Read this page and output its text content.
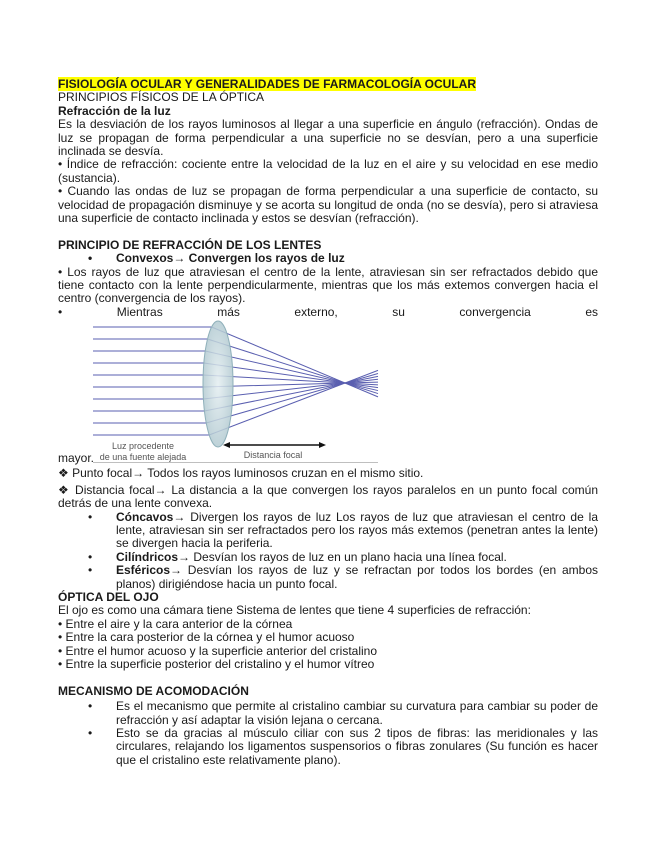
FISIOLOGÍA OCULAR Y GENERALIDADES DE FARMACOLOGÍA OCULAR

PRINCIPIOS FÍSICOS DE LA ÓPTICA

Refracción de la luz

Es la desviación de los rayos luminosos al llegar a una superficie en ángulo (refracción). Ondas de luz se propagan de forma perpendicular a una superficie no se desvían, pero a una superficie inclinada se desvía.

• Índice de refracción: cociente entre la velocidad de la luz en el aire y su velocidad en ese medio (sustancia).

• Cuando las ondas de luz se propagan de forma perpendicular a una superficie de contacto, su velocidad de propagación disminuye y se acorta su longitud de onda (no se desvía), pero si atraviesa una superficie de contacto inclinada y estos se desvían (refracción).

PRINCIPIO DE REFRACCIÓN DE LOS LENTES

• Convexos→ Convergen los rayos de luz

• Los rayos de luz que atraviesan el centro de la lente, atraviesan sin ser refractados debido que tiene contacto con la lente perpendicularmente, mientras que los más extemos convergen hacia el centro (convergencia de los rayos).

• Mientras más externo, su convergencia es

mayor.
Luz procedente
de una fuente alejada	Distancia focal

❖ Punto focal→ Todos los rayos luminosos cruzan en el mismo sitio.

❖ Distancia focal→ La distancia a la que convergen los rayos paralelos en un punto focal común detrás de una lente convexa.

• Cóncavos→ Divergen los rayos de luz Los rayos de luz que atraviesan el centro de la lente, atraviesan sin ser refractados pero los rayos más extemos (penetran antes la lente) se divergen hacia la periferia.

• Cilíndricos→ Desvían los rayos de luz en un plano hacia una línea focal.

• Esféricos→ Desvían los rayos de luz y se refractan por todos los bordes (en ambos planos) dirigiéndose hacia un punto focal.

ÓPTICA DEL OJO

El ojo es como una cámara tiene Sistema de lentes que tiene 4 superficies de refracción:

• Entre el aire y la cara anterior de la córnea

• Entre la cara posterior de la córnea y el humor acuoso

• Entre el humor acuoso y la superficie anterior del cristalino

• Entre la superficie posterior del cristalino y el humor vítreo

MECANISMO DE ACOMODACIÓN

• Es el mecanismo que permite al cristalino cambiar su curvatura para cambiar su poder de refracción y así adaptar la visión lejana o cercana.

• Esto se da gracias al músculo ciliar con sus 2 tipos de fibras: las meridionales y las circulares, relajando los ligamentos suspensorios o fibras zonulares (Su función es hacer que el cristalino este relativamente plano).
